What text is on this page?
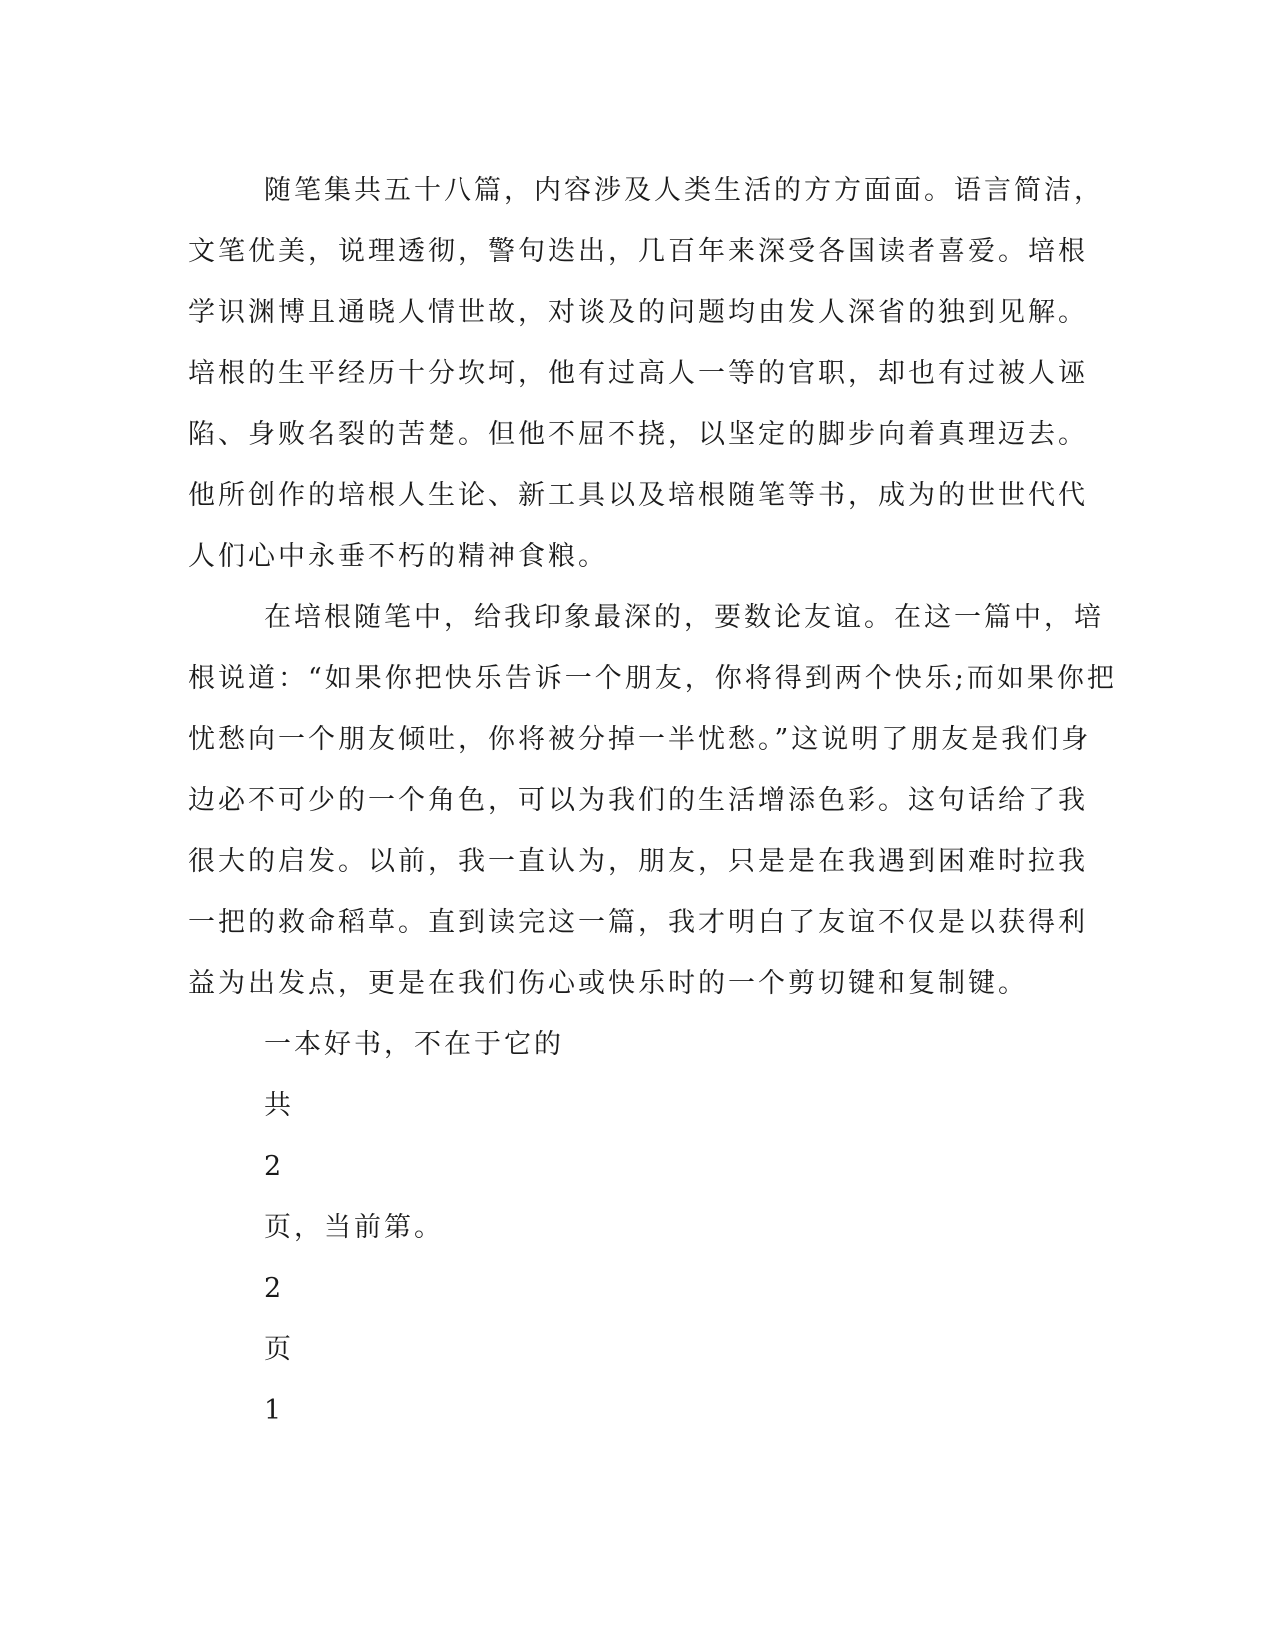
随笔集共五十八篇，内容涉及人类生活的方方面面。语言简洁，
文笔优美，说理透彻，警句迭出，几百年来深受各国读者喜爱。培根
学识渊博且通晓人情世故，对谈及的问题均由发人深省的独到见解。
培根的生平经历十分坎坷，他有过高人一等的官职，却也有过被人诬
陷、身败名裂的苦楚。但他不屈不挠，以坚定的脚步向着真理迈去。
他所创作的培根人生论、新工具以及培根随笔等书，成为的世世代代
人们心中永垂不朽的精神食粮。

在培根随笔中，给我印象最深的，要数论友谊。在这一篇中，培
根说道：“如果你把快乐告诉一个朋友，你将得到两个快乐;而如果你把
忧愁向一个朋友倾吐，你将被分掉一半忧愁。”这说明了朋友是我们身
边必不可少的一个角色，可以为我们的生活增添色彩。这句话给了我
很大的启发。以前，我一直认为，朋友，只是是在我遇到困难时拉我
一把的救命稻草。直到读完这一篇，我才明白了友谊不仅是以获得利
益为出发点，更是在我们伤心或快乐时的一个剪切键和复制键。

一本好书，不在于它的

共

2

页，当前第。

2

页

1
